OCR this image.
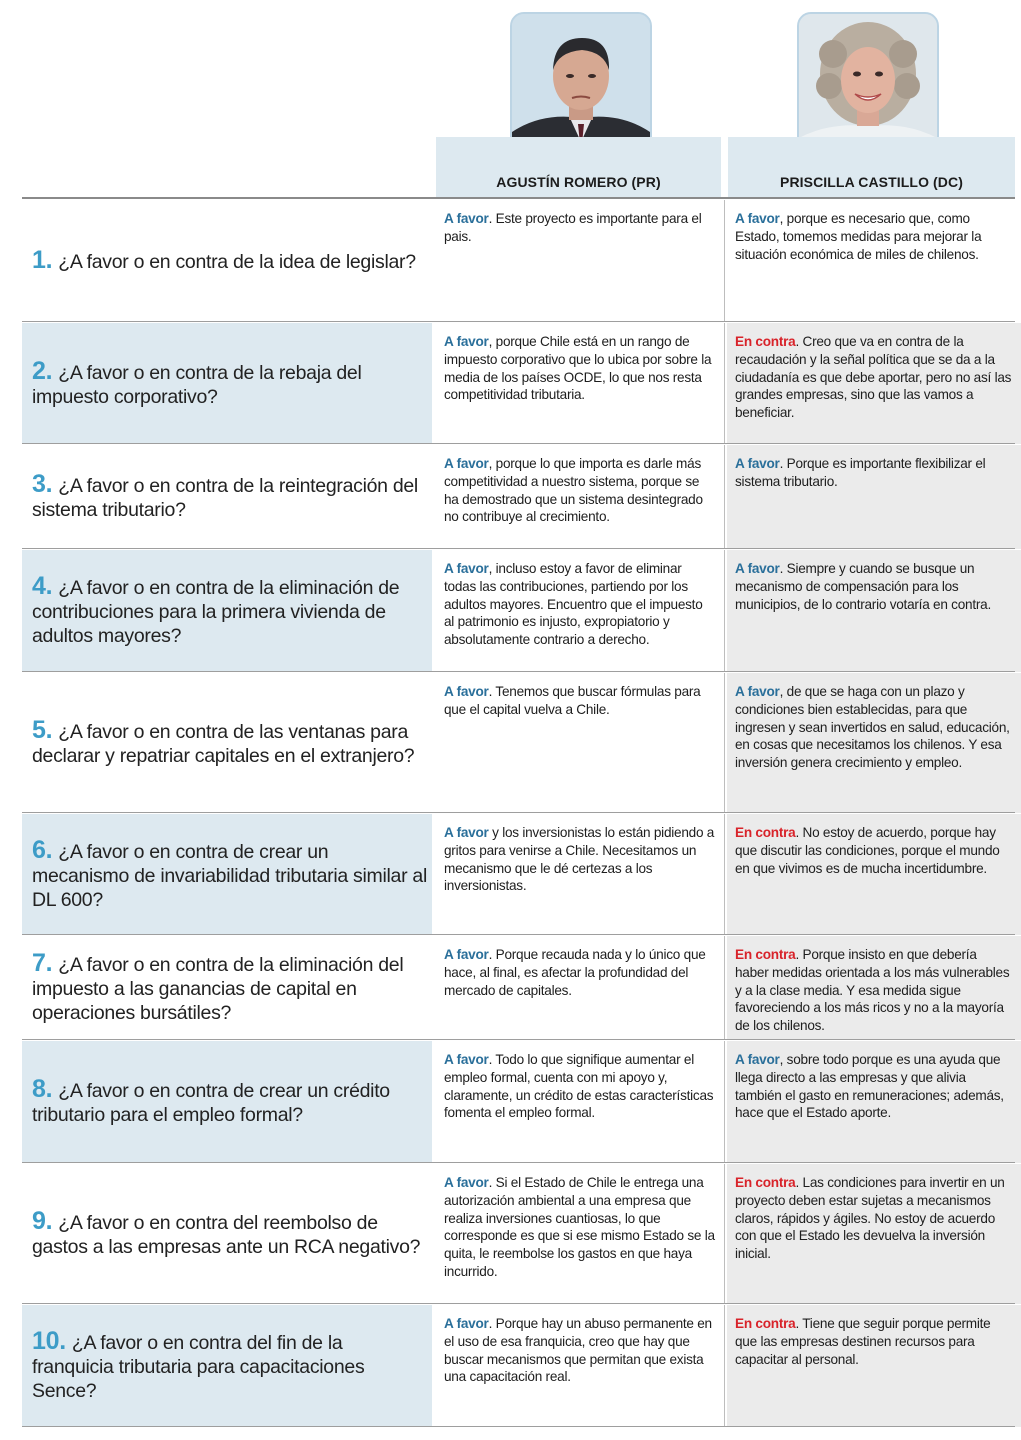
AGUSTÍN ROMERO (PR)	PRISCILLA CASTILLO (DC)

1. ¿A favor o en contra de la idea de legislar?

A favor. Este proyecto es importante para el pais.
A favor, porque es necesario que, como Estado, tomemos medidas para mejorar la situación económica de miles de chilenos.

2. ¿A favor o en contra de la rebaja del impuesto corporativo?

A favor, porque Chile está en un rango de impuesto corporativo que lo ubica por sobre la media de los países OCDE, lo que nos resta competitividad tributaria.
En contra. Creo que va en contra de la recaudación y la señal política que se da a la ciudadanía es que debe aportar, pero no así las grandes empresas, sino que las vamos a beneficiar.

3. ¿A favor o en contra de la reintegración del sistema tributario?

A favor, porque lo que importa es darle más competitividad a nuestro sistema, porque se ha demostrado que un sistema desintegrado no contribuye al crecimiento.
A favor. Porque es importante flexibilizar el sistema tributario.

4. ¿A favor o en contra de la eliminación de contribuciones para la primera vivienda de adultos mayores?

A favor, incluso estoy a favor de eliminar todas las contribuciones, partiendo por los adultos mayores. Encuentro que el impuesto al patrimonio es injusto, expropiatorio y absolutamente contrario a derecho.
A favor. Siempre y cuando se busque un mecanismo de compensación para los municipios, de lo contrario votaría en contra.

5. ¿A favor o en contra de las ventanas para declarar y repatriar capitales en el extranjero?

A favor. Tenemos que buscar fórmulas para que el capital vuelva a Chile.
A favor, de que se haga con un plazo y condiciones bien establecidas, para que ingresen y sean invertidos en salud, educación, en cosas que necesitamos los chilenos. Y esa inversión genera crecimiento y empleo.

6. ¿A favor o en contra de crear un mecanismo de invariabilidad tributaria similar al DL 600?

A favor y los inversionistas lo están pidiendo a gritos para venirse a Chile. Necesitamos un mecanismo que le dé certezas a los inversionistas.
En contra. No estoy de acuerdo, porque hay que discutir las condiciones, porque el mundo en que vivimos es de mucha incertidumbre.

7. ¿A favor o en contra de la eliminación del impuesto a las ganancias de capital en operaciones bursátiles?

A favor. Porque recauda nada y lo único que hace, al final, es afectar la profundidad del mercado de capitales.
En contra. Porque insisto en que debería haber medidas orientada a los más vulnerables y a la clase media. Y esa medida sigue favoreciendo a los más ricos y no a la mayoría de los chilenos.

8. ¿A favor o en contra de crear un crédito tributario para el empleo formal?

A favor. Todo lo que signifique aumentar el empleo formal, cuenta con mi apoyo y, claramente, un crédito de estas características fomenta el empleo formal.
A favor, sobre todo porque es una ayuda que llega directo a las empresas y que alivia también el gasto en remuneraciones; además, hace que el Estado aporte.

9. ¿A favor o en contra del reembolso de gastos a las empresas ante un RCA negativo?

A favor. Si el Estado de Chile le entrega una autorización ambiental a una empresa que realiza inversiones cuantiosas, lo que corresponde es que si ese mismo Estado se la quita, le reembolse los gastos en que haya incurrido.
En contra. Las condiciones para invertir en un proyecto deben estar sujetas a mecanismos claros, rápidos y ágiles. No estoy de acuerdo con que el Estado les devuelva la inversión inicial.

10. ¿A favor o en contra del fin de la franquicia tributaria para capacitaciones Sence?

A favor. Porque hay un abuso permanente en el uso de esa franquicia, creo que hay que buscar mecanismos que permitan que exista una capacitación real.
En contra. Tiene que seguir porque permite que las empresas destinen recursos para capacitar al personal.
